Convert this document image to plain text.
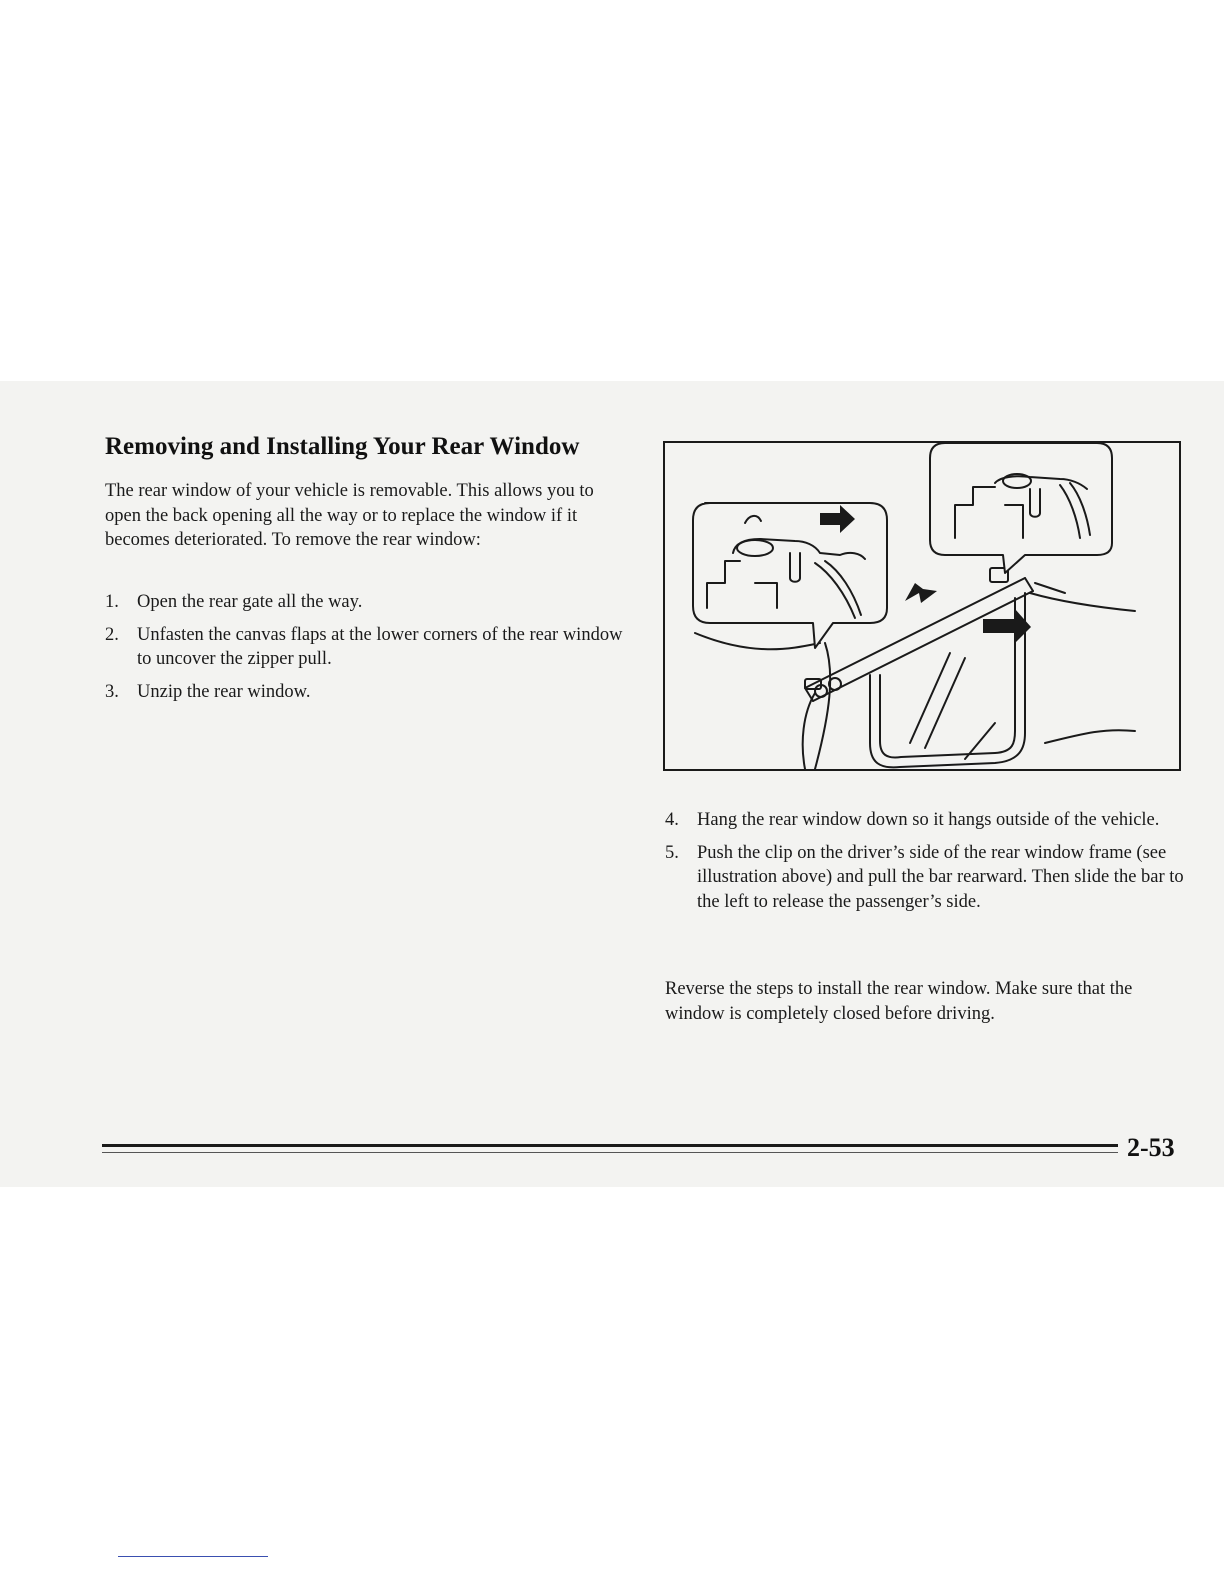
Removing and Installing Your Rear Window

The rear window of your vehicle is removable. This allows you to open the back opening all the way or to replace the window if it becomes deteriorated. To remove the rear window:

1. Open the rear gate all the way.
2. Unfasten the canvas flaps at the lower corners of the rear window to uncover the zipper pull.
3. Unzip the rear window.
4. Hang the rear window down so it hangs outside of the vehicle.
5. Push the clip on the driver’s side of the rear window frame (see illustration above) and pull the bar rearward. Then slide the bar to the left to release the passenger’s side.

Reverse the steps to install the rear window. Make sure that the window is completely closed before driving.

2-53
